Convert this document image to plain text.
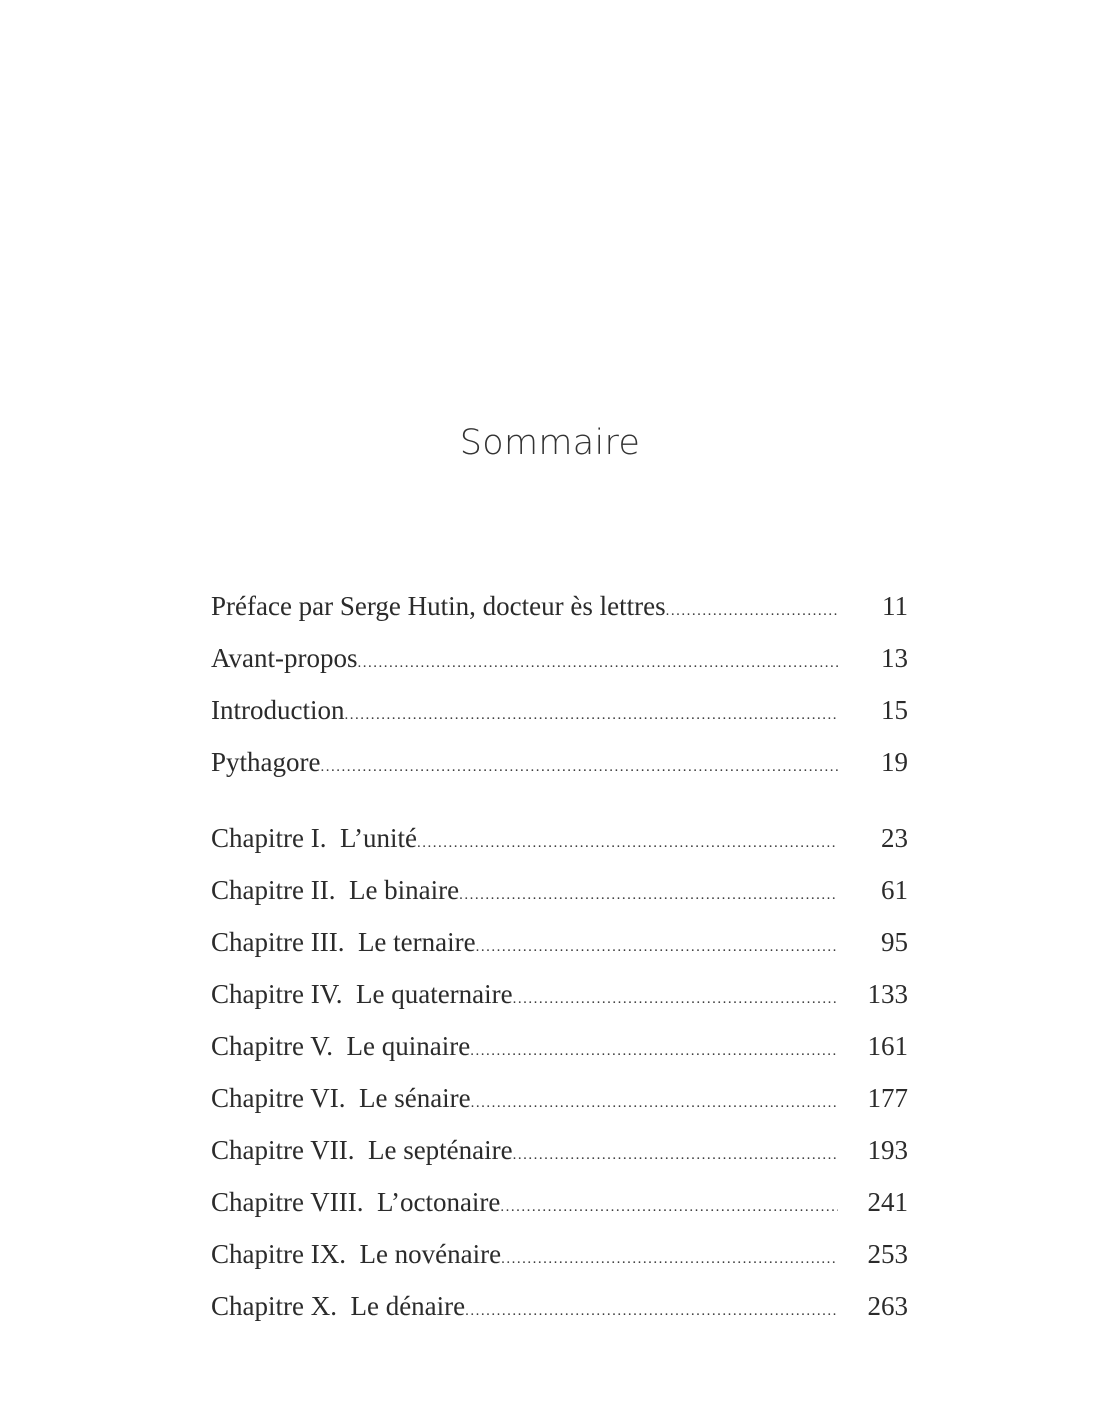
Sommaire
Préface par Serge Hutin, docteur ès lettres .....	11
Avant-propos .....	13
Introduction .....	15
Pythagore .....	19
Chapitre I.  L’unité .....	23
Chapitre II.  Le binaire .....	61
Chapitre III.  Le ternaire .....	95
Chapitre IV.  Le quaternaire .....	133
Chapitre V.  Le quinaire .....	161
Chapitre VI.  Le sénaire .....	177
Chapitre VII.  Le septénaire .....	193
Chapitre VIII.  L’octonaire .....	241
Chapitre IX.  Le novénaire .....	253
Chapitre X.  Le dénaire .....	263
